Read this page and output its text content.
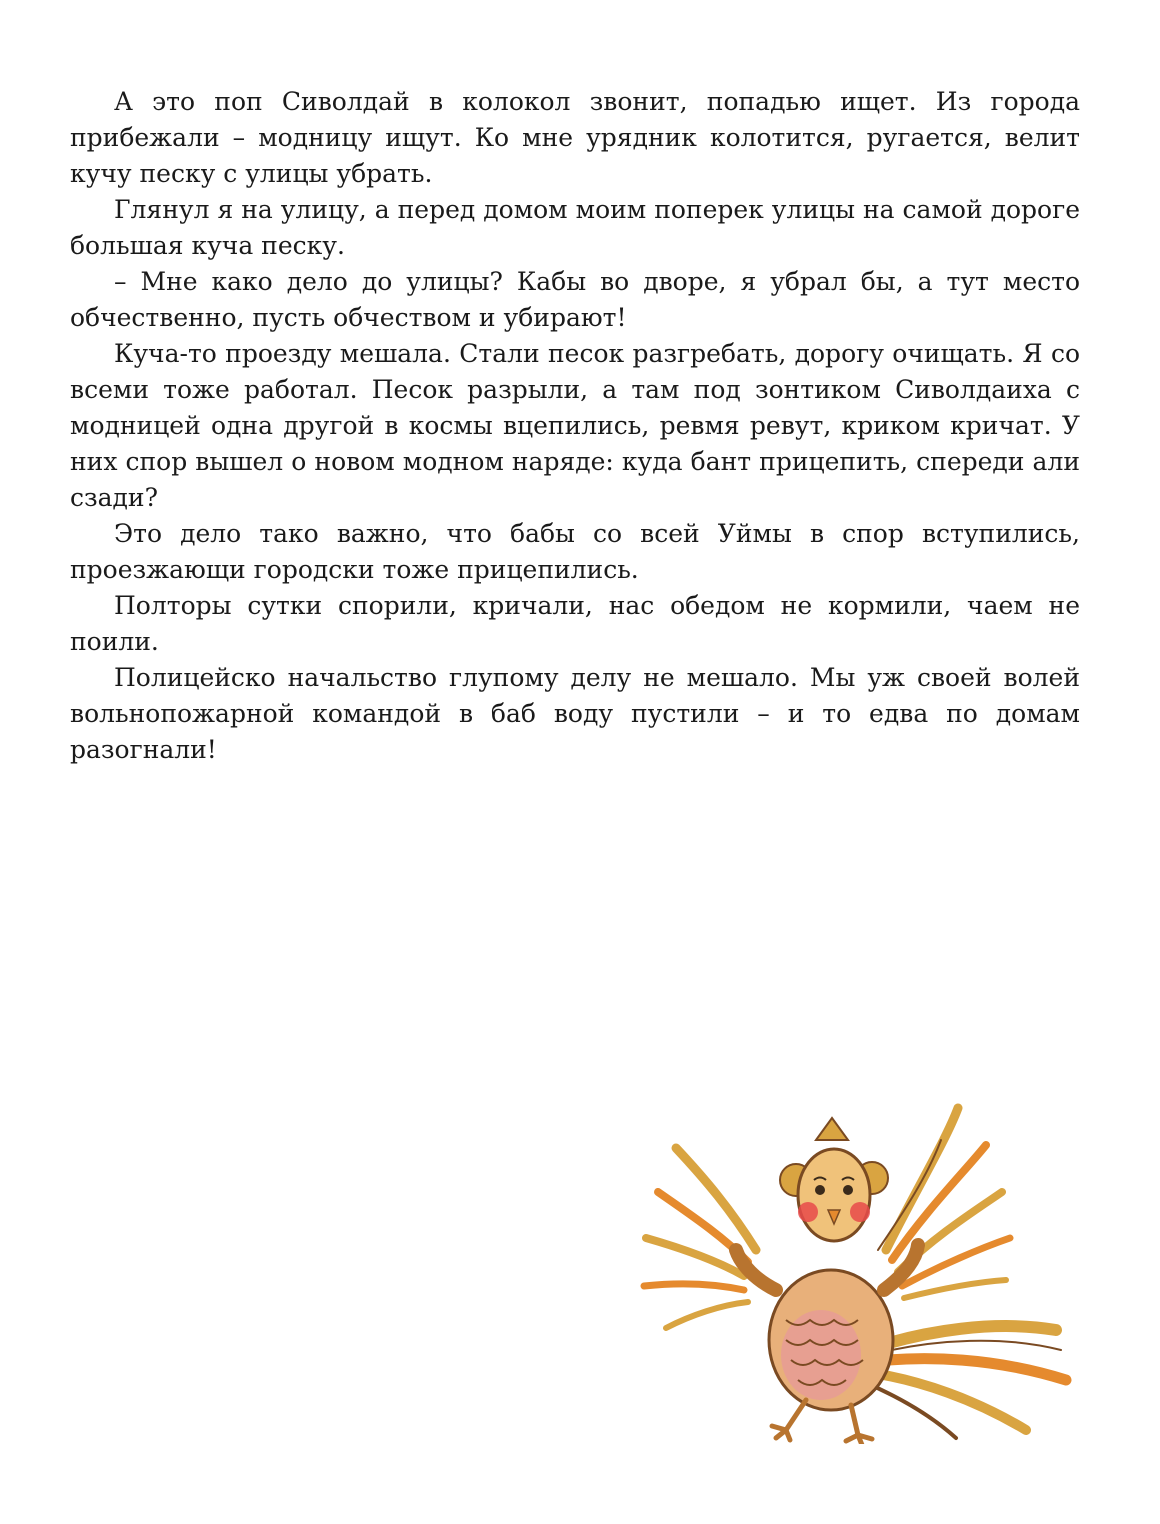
А это поп Сиволдай в колокол звонит, попадью ищет. Из города прибежали – модницу ищут. Ко мне урядник колотится, ругается, велит кучу песку с улицы убрать.

Глянул я на улицу, а перед домом моим поперек улицы на самой дороге большая куча песку.

– Мне како дело до улицы? Кабы во дворе, я убрал бы, а тут место обчественно, пусть обчеством и убирают!

Куча-то проезду мешала. Стали песок разгребать, дорогу очищать. Я со всеми тоже работал. Песок разрыли, а там под зонтиком Сиволдаиха с модницей одна другой в космы вцепились, ревмя ревут, криком кричат. У них спор вышел о новом модном наряде: куда бант прицепить, спереди али сзади?

Это дело тако важно, что бабы со всей Уймы в спор вступились, проезжающи городски тоже прицепились.

Полторы сутки спорили, кричали, нас обедом не кормили, чаем не поили.

Полицейско начальство глупому делу не мешало. Мы уж своей волей вольнопожарной командой в баб воду пустили – и то едва по домам разогнали!
